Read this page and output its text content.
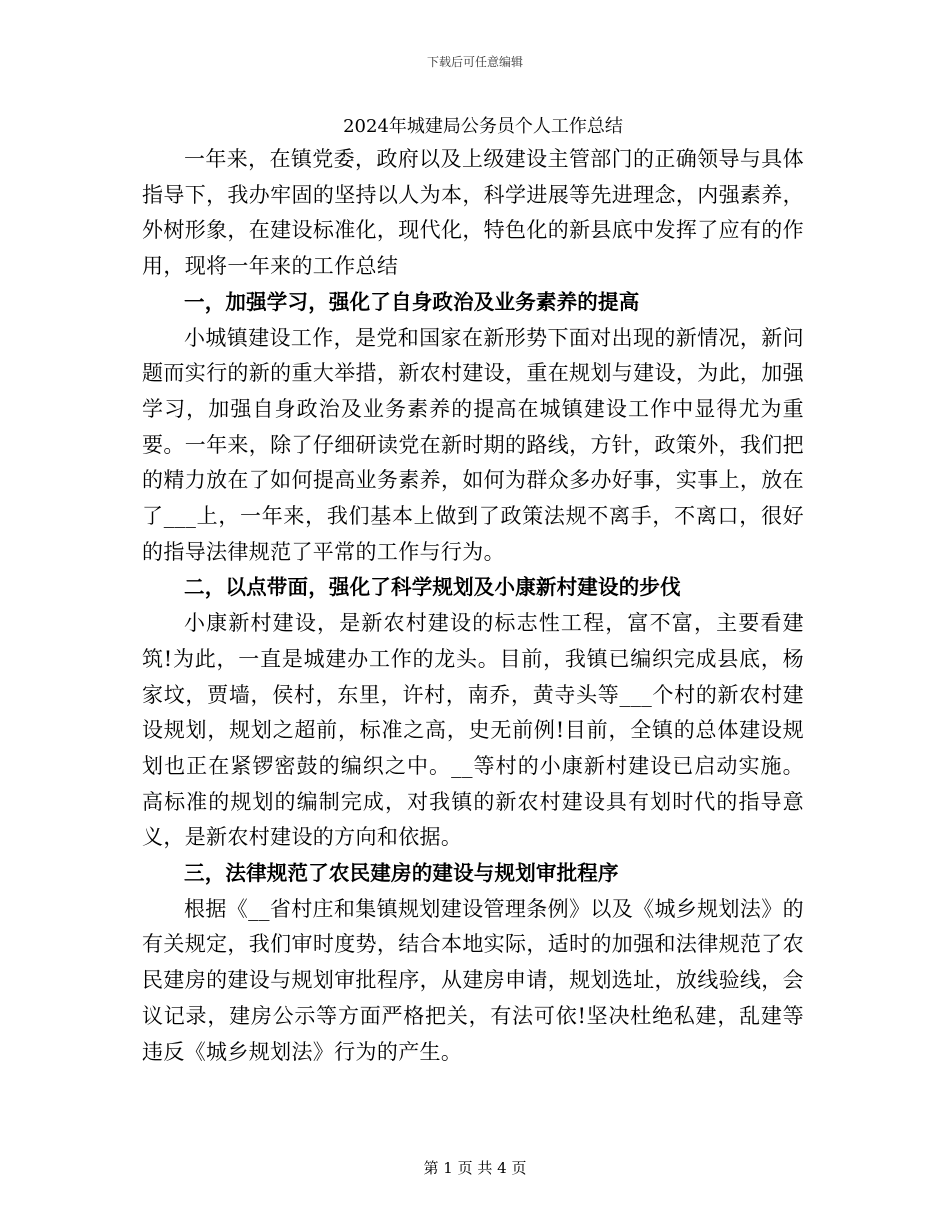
下载后可任意编辑
2024年城建局公务员个人工作总结

一年来，在镇党委，政府以及上级建设主管部门的正确领导与具体指导下，我办牢固的坚持以人为本，科学进展等先进理念，内强素养，外树形象，在建设标准化，现代化，特色化的新县底中发挥了应有的作用，现将一年来的工作总结

一，加强学习，强化了自身政治及业务素养的提高

小城镇建设工作，是党和国家在新形势下面对出现的新情况，新问题而实行的新的重大举措，新农村建设，重在规划与建设，为此，加强学习，加强自身政治及业务素养的提高在城镇建设工作中显得尤为重要。一年来，除了仔细研读党在新时期的路线，方针，政策外，我们把的精力放在了如何提高业务素养，如何为群众多办好事，实事上，放在了___上，一年来，我们基本上做到了政策法规不离手，不离口，很好的指导法律规范了平常的工作与行为。

二，以点带面，强化了科学规划及小康新村建设的步伐

小康新村建设，是新农村建设的标志性工程，富不富，主要看建筑!为此，一直是城建办工作的龙头。目前，我镇已编织完成县底，杨家坟，贾墙，侯村，东里，许村，南乔，黄寺头等___个村的新农村建设规划，规划之超前，标准之高，史无前例!目前，全镇的总体建设规划也正在紧锣密鼓的编织之中。__等村的小康新村建设已启动实施。高标准的规划的编制完成，对我镇的新农村建设具有划时代的指导意义，是新农村建设的方向和依据。

三，法律规范了农民建房的建设与规划审批程序

根据《__省村庄和集镇规划建设管理条例》以及《城乡规划法》的有关规定，我们审时度势，结合本地实际，适时的加强和法律规范了农民建房的建设与规划审批程序，从建房申请，规划选址，放线验线，会议记录，建房公示等方面严格把关，有法可依!坚决杜绝私建，乱建等违反《城乡规划法》行为的产生。

第 1 页 共 4 页
